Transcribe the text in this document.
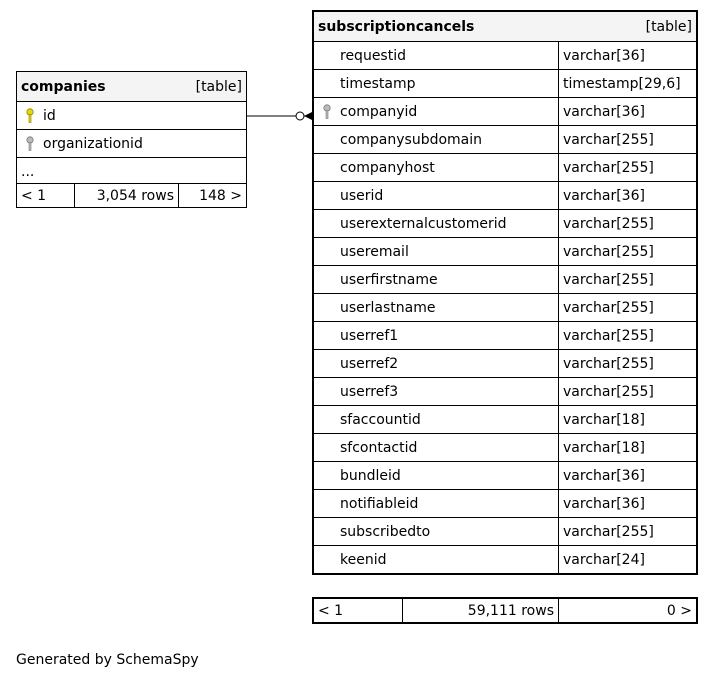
companies	[table]

id

organizationid
...
< 1	3,054 rows	148 >
subscriptioncancels [table]	

requestid	varchar[36]
timestamp	timestamp[29,6]

companyid	varchar[36]
companysubdomain	varchar[255]
companyhost	varchar[255]
userid	varchar[36]
userexternalcustomerid	varchar[255]
useremail	varchar[255]
userfirstname	varchar[255]
userlastname	varchar[255]
userref1	varchar[255]
userref2	varchar[255]
userref3	varchar[255]
sfaccountid	varchar[18]
sfcontactid	varchar[18]
bundleid	varchar[36]
notifiableid	varchar[36]
subscribedto	varchar[255]
keenid	varchar[24]
< 1	59,111 rows	0 >
Generated by SchemaSpy
